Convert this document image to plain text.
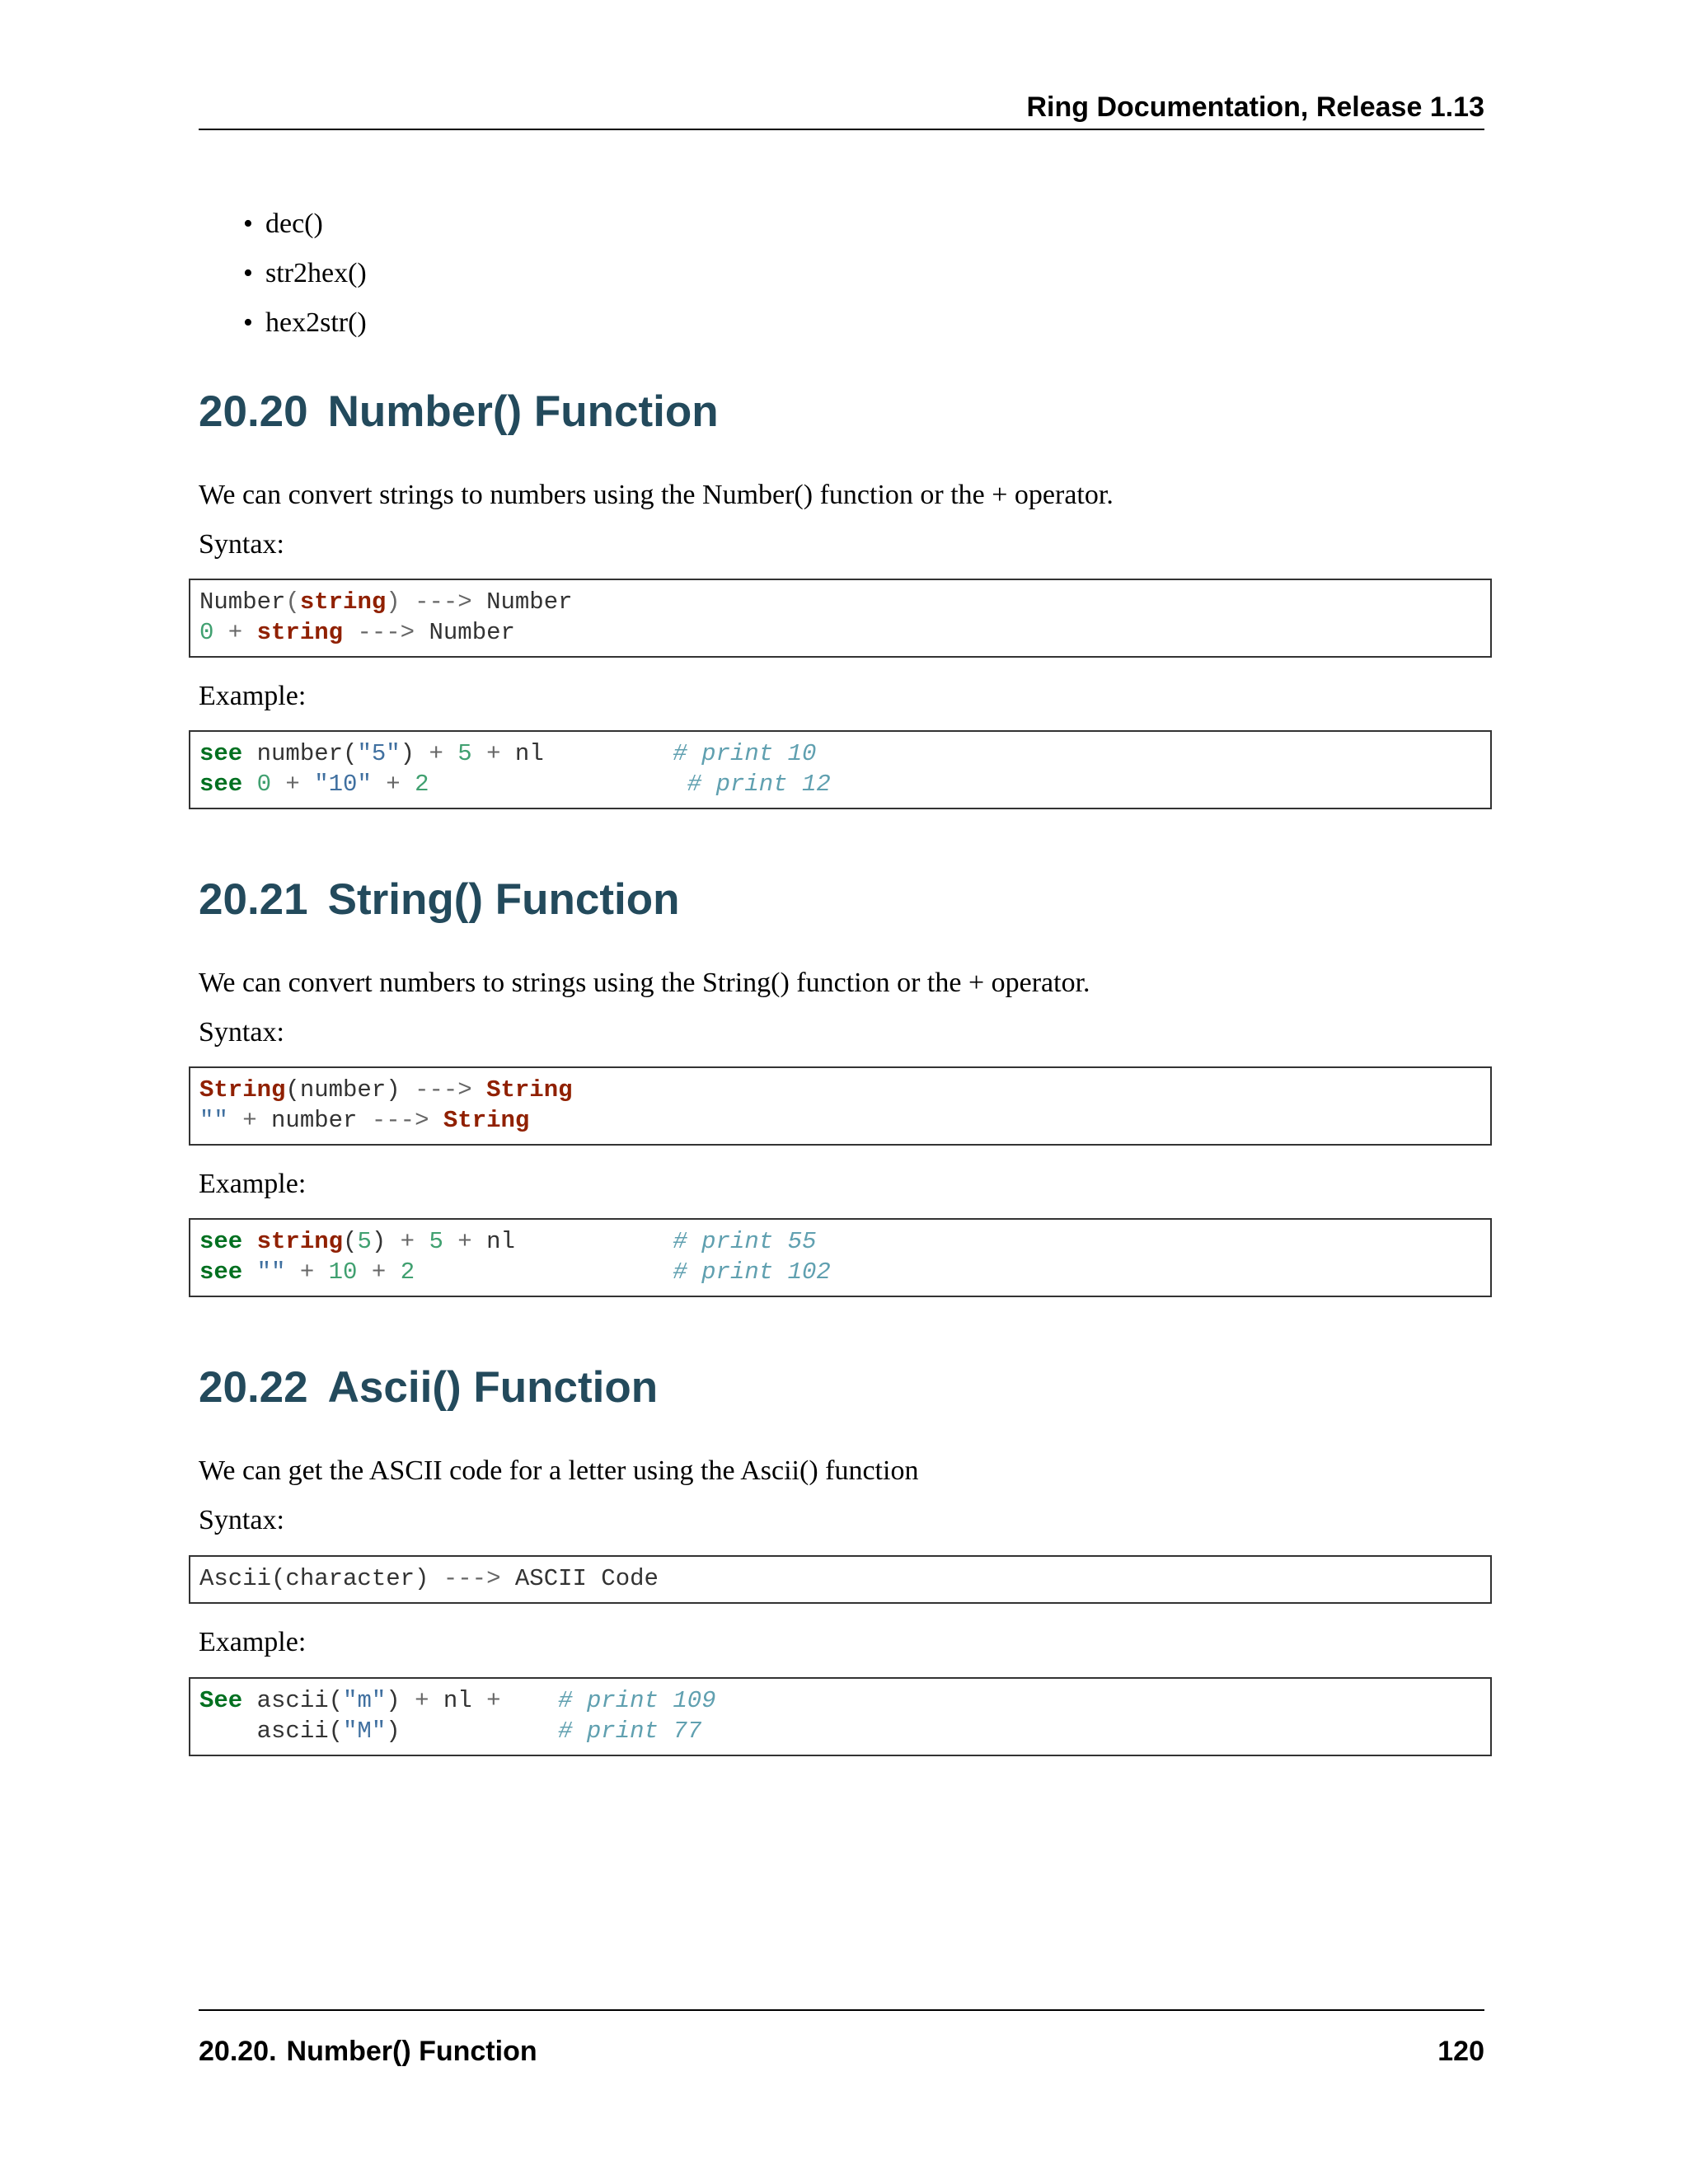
Ring Documentation, Release 1.13
• dec()
• str2hex()
• hex2str()
20.20 Number() Function

We can convert strings to numbers using the Number() function or the + operator.

Syntax:

Number(string) ---> Number
0 + string ---> Number

Example:

see number("5") + 5 + nl         # print 10
see 0 + "10" + 2	# print 12
20.21 String() Function

We can convert numbers to strings using the String() function or the + operator.

Syntax:

String(number) ---> String
"" + number ---> String

Example:

see string(5) + 5 + nl           # print 55
see "" + 10 + 2	# print 102
20.22 Ascii() Function

We can get the ASCII code for a letter using the Ascii() function

Syntax:

Ascii(character) ---> ASCII Code

Example:

See ascii("m") + nl +    # print 109
ascii("M")           # print 77
20.20. Number() Function	120
